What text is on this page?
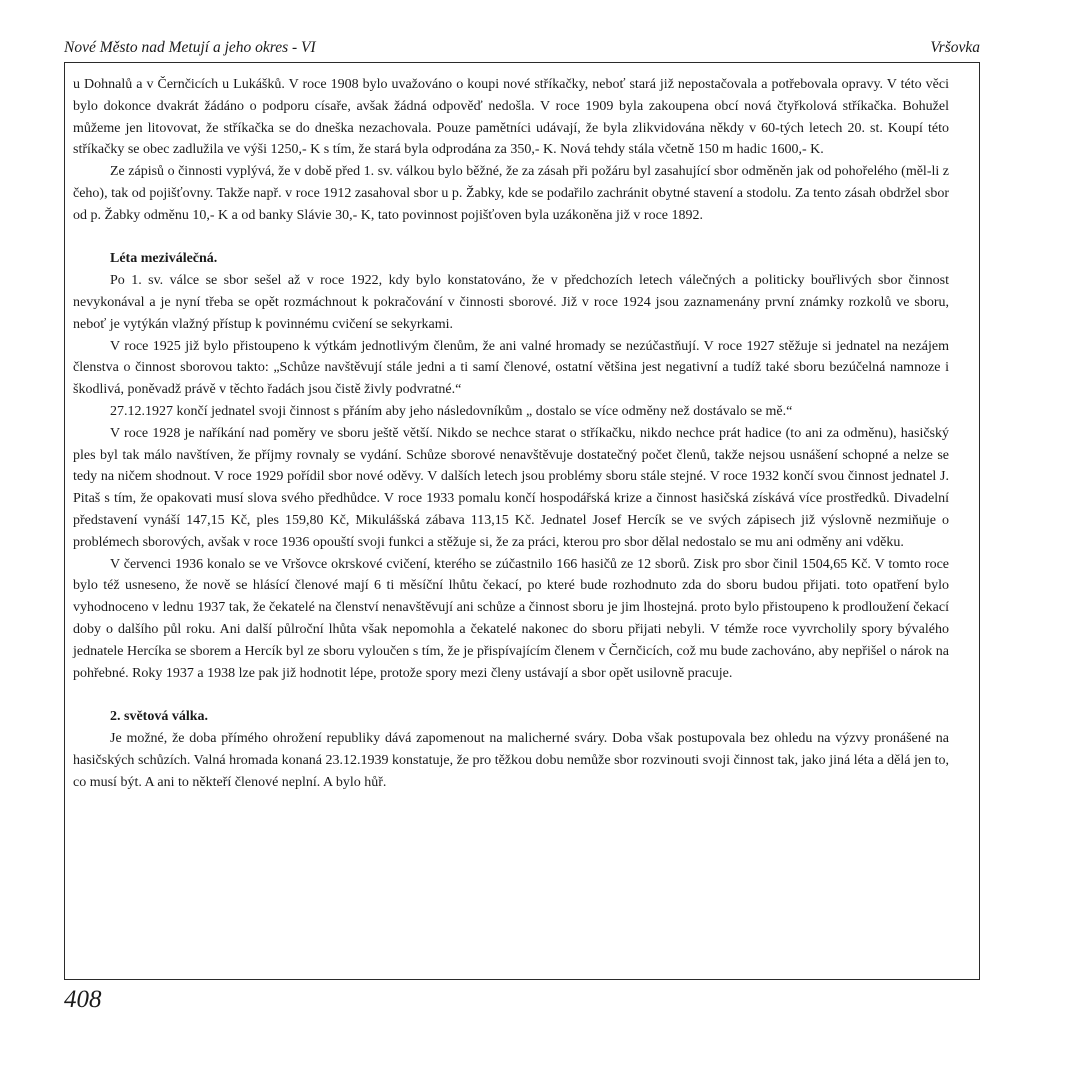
Nové Město nad Metují a jeho okres - VI	Vršovka

u Dohnalů a v Černčicích u Lukášků. V roce 1908 bylo uvažováno o koupi nové stříkačky, neboť stará již nepostačovala a potřebovala opravy. V této věci bylo dokonce dvakrát žádáno o podporu císaře, avšak žádná odpověď nedošla. V roce 1909 byla zakoupena obcí nová čtyřkolová stříkačka. Bohužel můžeme jen litovovat, že stříkačka se do dneška nezachovala. Pouze pamětníci udávají, že byla zlikvidována někdy v 60-tých letech 20. st. Koupí této stříkačky se obec zadlužila ve výši 1250,- K s tím, že stará byla odprodána za 350,- K. Nová tehdy stála včetně 150 m hadic 1600,- K.

Ze zápisů o činnosti vyplývá, že v době před 1. sv. válkou bylo běžné, že za zásah při požáru byl zasahující sbor odměněn jak od pohořelého (měl-li z čeho), tak od pojišťovny. Takže např. v roce 1912 zasahoval sbor u p. Žabky, kde se podařilo zachránit obytné stavení a stodolu. Za tento zásah obdržel sbor od p. Žabky odměnu 10,- K a od banky Slávie 30,- K, tato povinnost pojišťoven byla uzákoněna již v roce 1892.

Léta meziválečná.

Po 1. sv. válce se sbor sešel až v roce 1922, kdy bylo konstatováno, že v předchozích letech válečných a politicky bouřlivých sbor činnost nevykonával a je nyní třeba se opět rozmáchnout k pokračování v činnosti sborové. Již v roce 1924 jsou zaznamenány první známky rozkolů ve sboru, neboť je vytýkán vlažný přístup k povinnému cvičení se sekyrkami.

V roce 1925 již bylo přistoupeno k výtkám jednotlivým členům, že ani valné hromady se nezúčastňují. V roce 1927 stěžuje si jednatel na nezájem členstva o činnost sborovou takto: „Schůze navštěvují stále jedni a ti samí členové, ostatní většina jest negativní a tudíž také sboru bezúčelná namnoze i škodlivá, poněvadž právě v těchto řadách jsou čistě živly podvratné.“

27.12.1927 končí jednatel svoji činnost s přáním aby jeho následovníkům „ dostalo se více odměny než dostávalo se mě.“

V roce 1928 je naříkání nad poměry ve sboru ještě větší. Nikdo se nechce starat o stříkačku, nikdo nechce prát hadice (to ani za odměnu), hasičský ples byl tak málo navštíven, že příjmy rovnaly se vydání. Schůze sborové nenavštěvuje dostatečný počet členů, takže nejsou usnášení schopné a nelze se tedy na ničem shodnout. V roce 1929 pořídil sbor nové oděvy. V dalších letech jsou problémy sboru stále stejné. V roce 1932 končí svou činnost jednatel J. Pitaš s tím, že opakovati musí slova svého předhůdce. V roce 1933 pomalu končí hospodářská krize a činnost hasičská získává více prostředků. Divadelní představení vynáší 147,15 Kč, ples 159,80 Kč, Mikulášská zábava 113,15 Kč. Jednatel Josef Hercík se ve svých zápisech již výslovně nezmiňuje o problémech sborových, avšak v roce 1936 opouští svoji funkci a stěžuje si, že za práci, kterou pro sbor dělal nedostalo se mu ani odměny ani vděku.

V červenci 1936 konalo se ve Vršovce okrskové cvičení, kterého se zúčastnilo 166 hasičů ze 12 sborů. Zisk pro sbor činil 1504,65 Kč. V tomto roce bylo též usneseno, že nově se hlásící členové mají 6 ti měsíční lhůtu čekací, po které bude rozhodnuto zda do sboru budou přijati. toto opatření bylo vyhodnoceno v lednu 1937 tak, že čekatelé na členství nenavštěvují ani schůze a činnost sboru je jim lhostejná. proto bylo přistoupeno k prodloužení čekací doby o dalšího půl roku. Ani další půlroční lhůta však nepomohla a čekatelé nakonec do sboru přijati nebyli. V témže roce vyvrcholily spory bývalého jednatele Hercíka se sborem a Hercík byl ze sboru vyloučen s tím, že je přispívajícím členem v Černčicích, což mu bude zachováno, aby nepřišel o nárok na pohřebné. Roky 1937 a 1938 lze pak již hodnotit lépe, protože spory mezi členy ustávají a sbor opět usilovně pracuje.

2. světová válka.

Je možné, že doba přímého ohrožení republiky dává zapomenout na malicherné sváry. Doba však postupovala bez ohledu na výzvy pronášené na hasičských schůzích. Valná hromada konaná 23.12.1939 konstatuje, že pro těžkou dobu nemůže sbor rozvinouti svoji činnost tak, jako jiná léta a dělá jen to, co musí být. A ani to někteří členové neplní. A bylo hůř.

408
